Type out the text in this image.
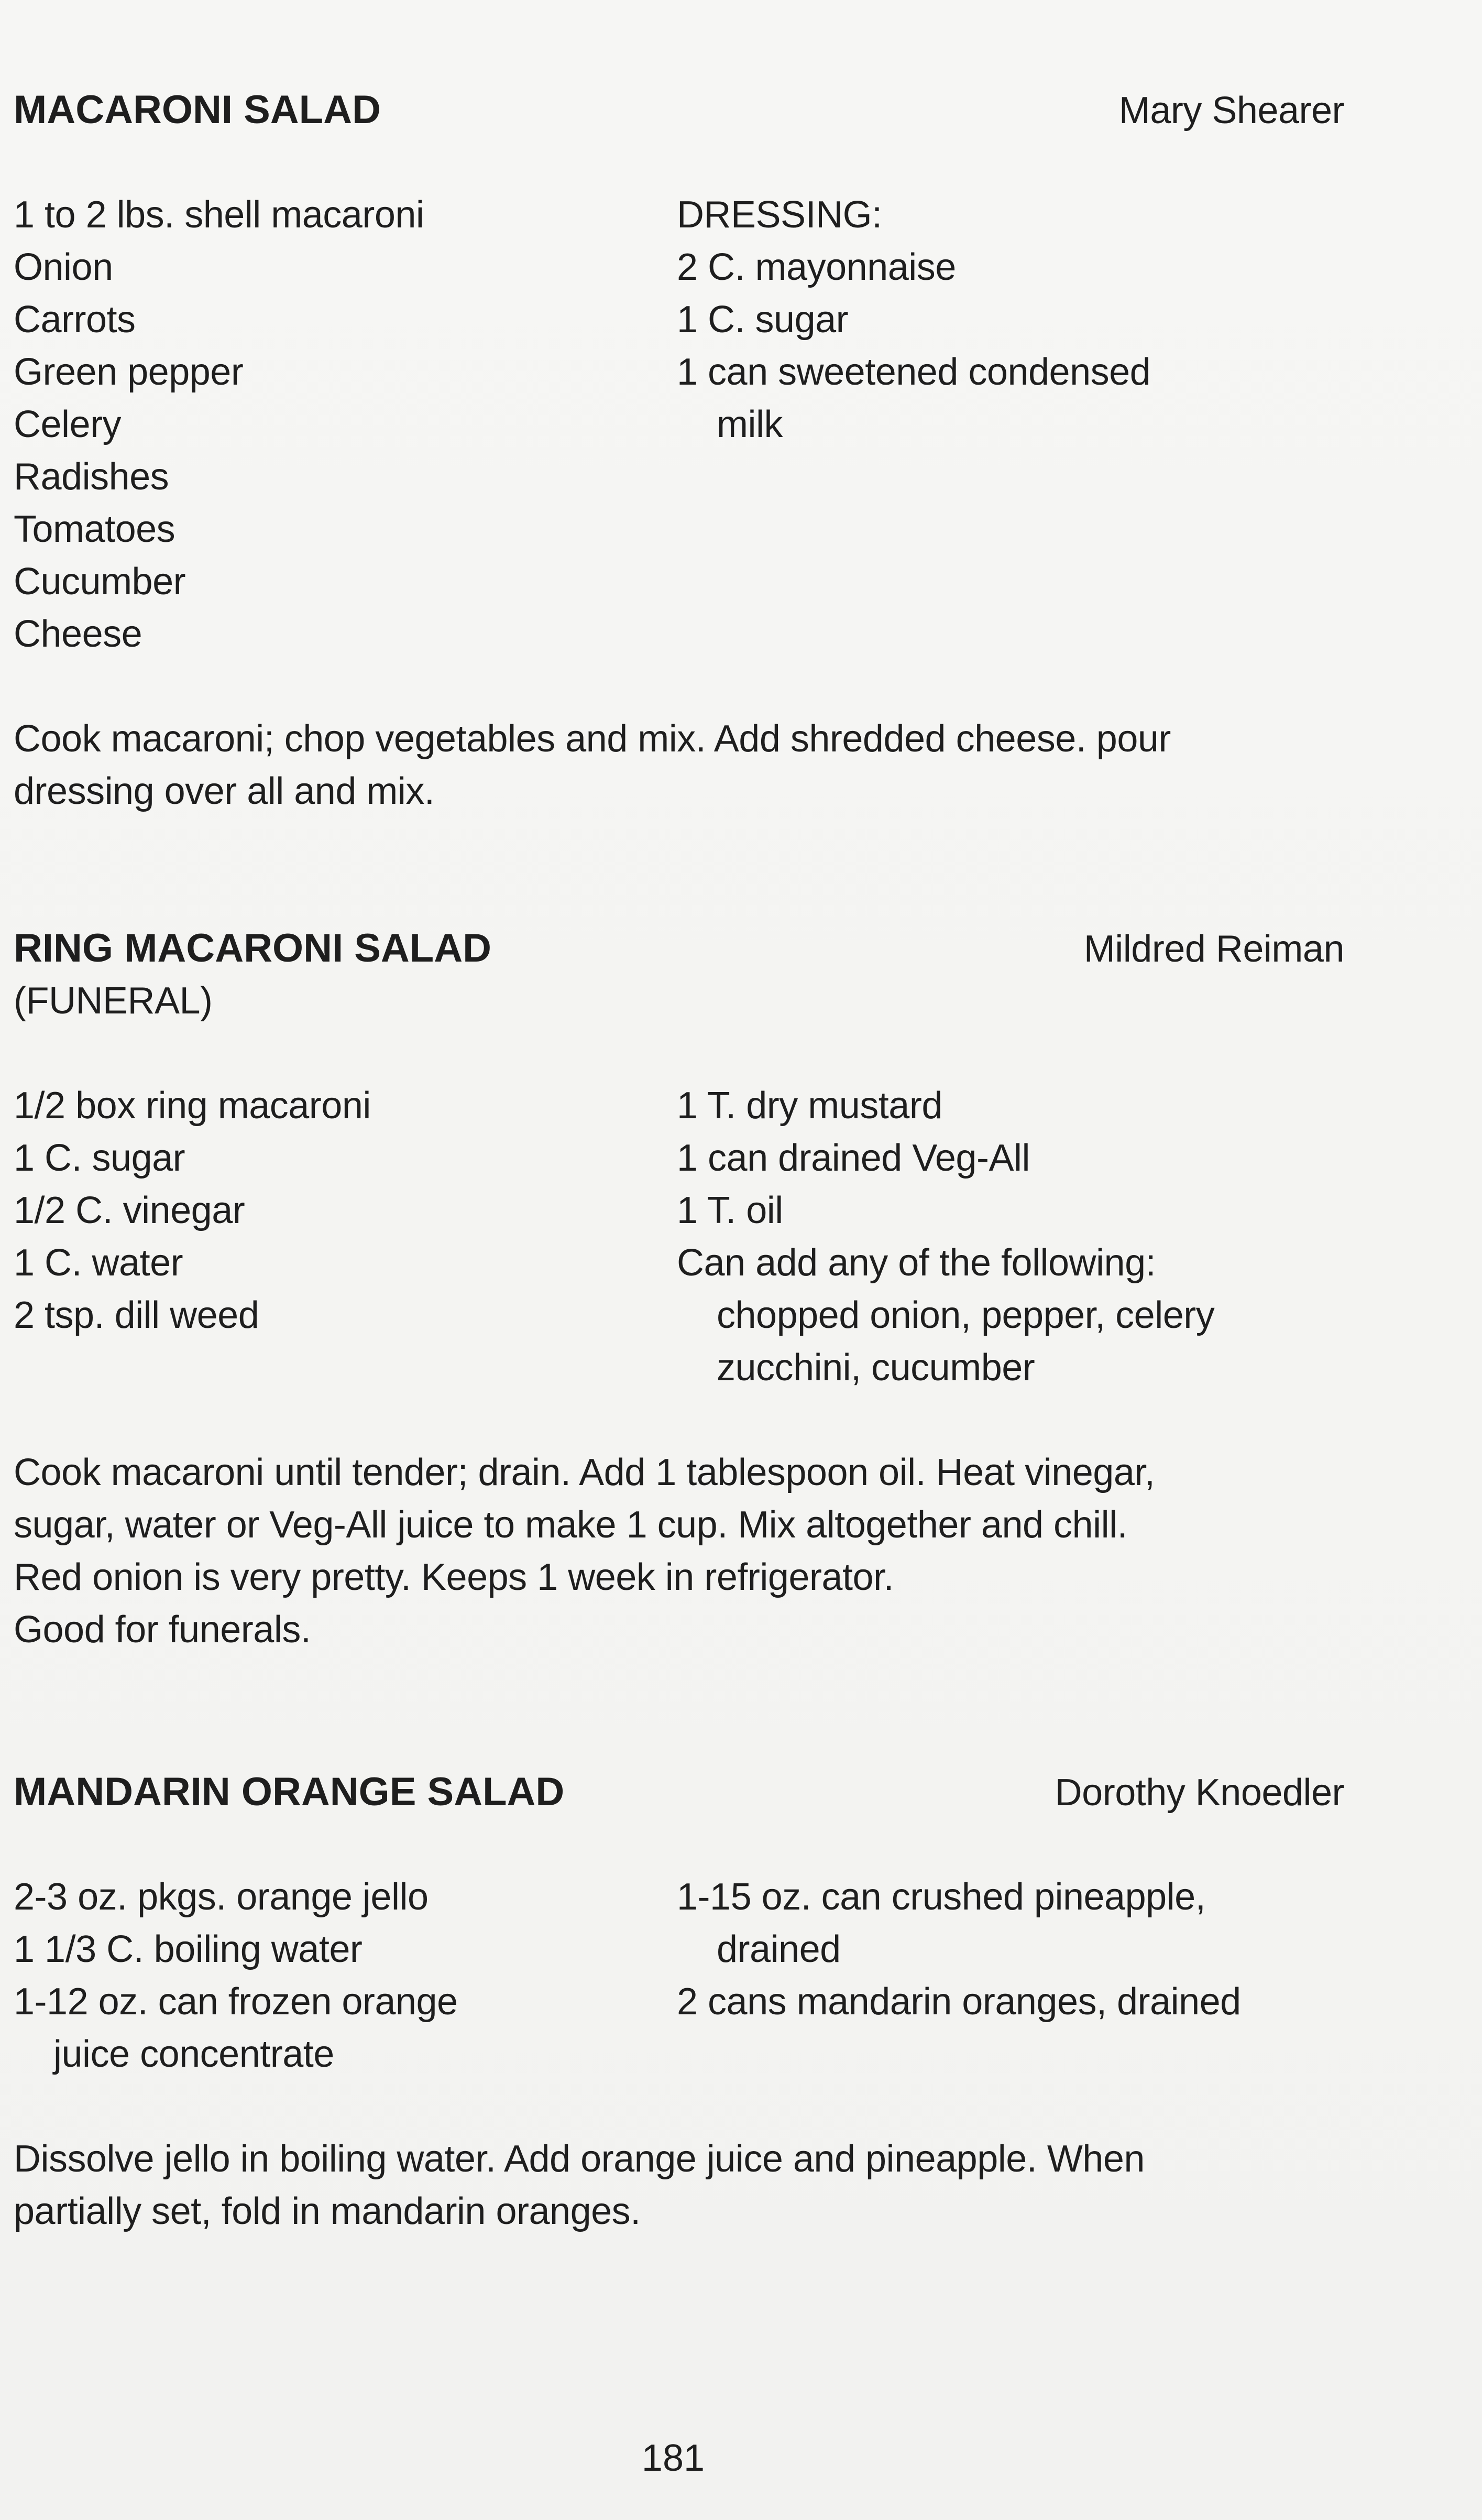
MACARONI SALAD	Mary Shearer
1 to 2 lbs. shell macaroni
Onion
Carrots
Green pepper
Celery
Radishes
Tomatoes
Cucumber
Cheese
DRESSING:
2 C. mayonnaise
1 C. sugar
1 can sweetened condensed
milk
Cook macaroni; chop vegetables and mix. Add shredded cheese. pour
dressing over all and mix.
RING MACARONI SALAD	Mildred Reiman
(FUNERAL)
1/2 box ring macaroni
1 C. sugar
1/2 C. vinegar
1 C. water
2 tsp. dill weed
1 T. dry mustard
1 can drained Veg-All
1 T. oil
Can add any of the following:
chopped onion, pepper, celery
zucchini, cucumber
Cook macaroni until tender; drain. Add 1 tablespoon oil. Heat vinegar,
sugar, water or Veg-All juice to make 1 cup. Mix altogether and chill.
Red onion is very pretty. Keeps 1 week in refrigerator.
Good for funerals.
MANDARIN ORANGE SALAD	Dorothy Knoedler
2-3 oz. pkgs. orange jello
1 1/3 C. boiling water
1-12 oz. can frozen orange
juice concentrate
1-15 oz. can crushed pineapple,
drained
2 cans mandarin oranges, drained
Dissolve jello in boiling water. Add orange juice and pineapple. When
partially set, fold in mandarin oranges.
181
